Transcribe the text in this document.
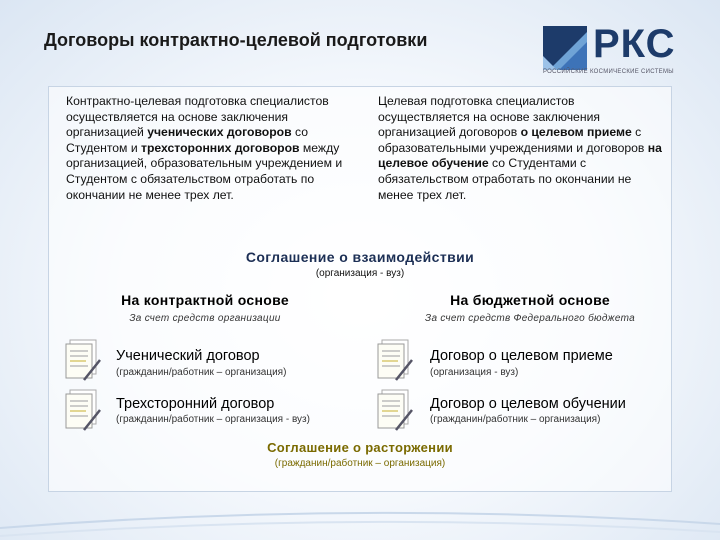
Договоры контрактно-целевой подготовки	РКС
РОССИЙСКИЕ КОСМИЧЕСКИЕ СИСТЕМЫ
Контрактно-целевая подготовка специалистов осуществляется на основе заключения организацией ученических договоров со Студентом и трехсторонних договоров между организацией, образовательным учреждением и Студентом с обязательством отработать по окончании не менее трех лет.
Целевая подготовка специалистов осуществляется на основе заключения организацией договоров о целевом приеме с образовательными учреждениями и договоров на целевое обучение со Студентами с обязательством отработать по окончании не менее трех лет.
Соглашение о взаимодействии
(организация - вуз)
На контрактной основе
За счет средств организации
Ученический договор
(гражданин/работник – организация)
Трехсторонний договор
(гражданин/работник – организация - вуз)
На бюджетной основе
За счет средств Федерального бюджета
Договор о целевом приеме
(организация - вуз)
Договор о целевом обучении
(гражданин/работник – организация)
Соглашение о расторжении
(гражданин/работник – организация)
